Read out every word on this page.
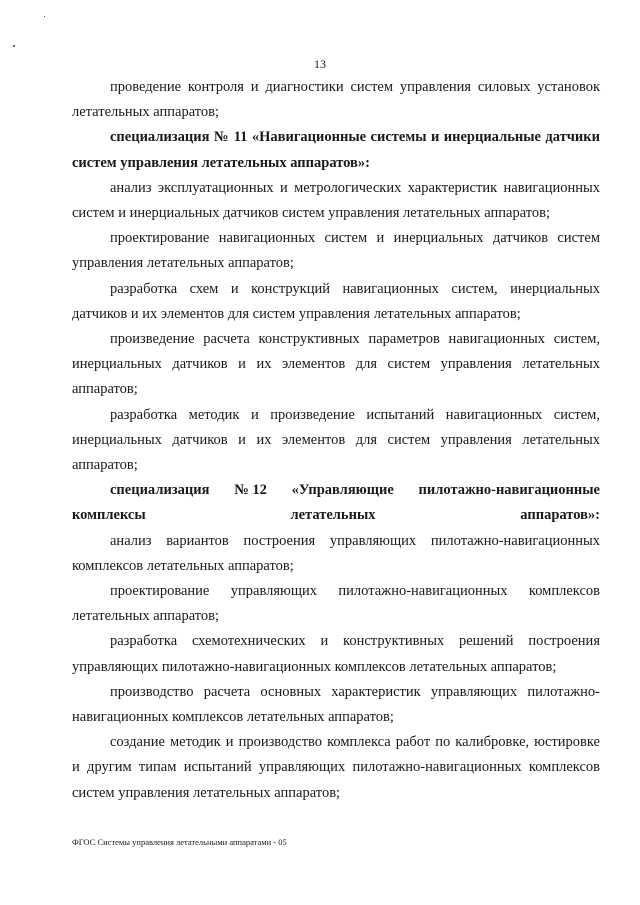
13

проведение контроля и диагностики систем управления силовых установок летательных аппаратов;

специализация № 11 «Навигационные системы и инерциальные датчики систем управления летательных аппаратов»:

анализ эксплуатационных и метрологических характеристик навигационных систем и инерциальных датчиков систем управления летательных аппаратов;

проектирование навигационных систем и инерциальных датчиков систем управления летательных аппаратов;

разработка схем и конструкций навигационных систем, инерциальных датчиков и их элементов для систем управления летательных аппаратов;

произведение расчета конструктивных параметров навигационных систем, инерциальных датчиков и их элементов для систем управления летательных аппаратов;

разработка методик и произведение испытаний навигационных систем, инерциальных датчиков и их элементов для систем управления летательных аппаратов;

специализация № 12 «Управляющие пилотажно-навигационные
комплексы летательных аппаратов»:

анализ вариантов построения управляющих пилотажно-навигационных комплексов летательных аппаратов;

проектирование управляющих пилотажно-навигационных комплексов летательных аппаратов;

разработка схемотехнических и конструктивных решений построения управляющих пилотажно-навигационных комплексов летательных аппаратов;

производство расчета основных характеристик управляющих пилотажно-навигационных комплексов летательных аппаратов;

создание методик и производство комплекса работ по калибровке, юстировке и другим типам испытаний управляющих пилотажно-навигационных комплексов систем управления летательных аппаратов;

ФГОС Системы управления летательными аппаратами - 05
